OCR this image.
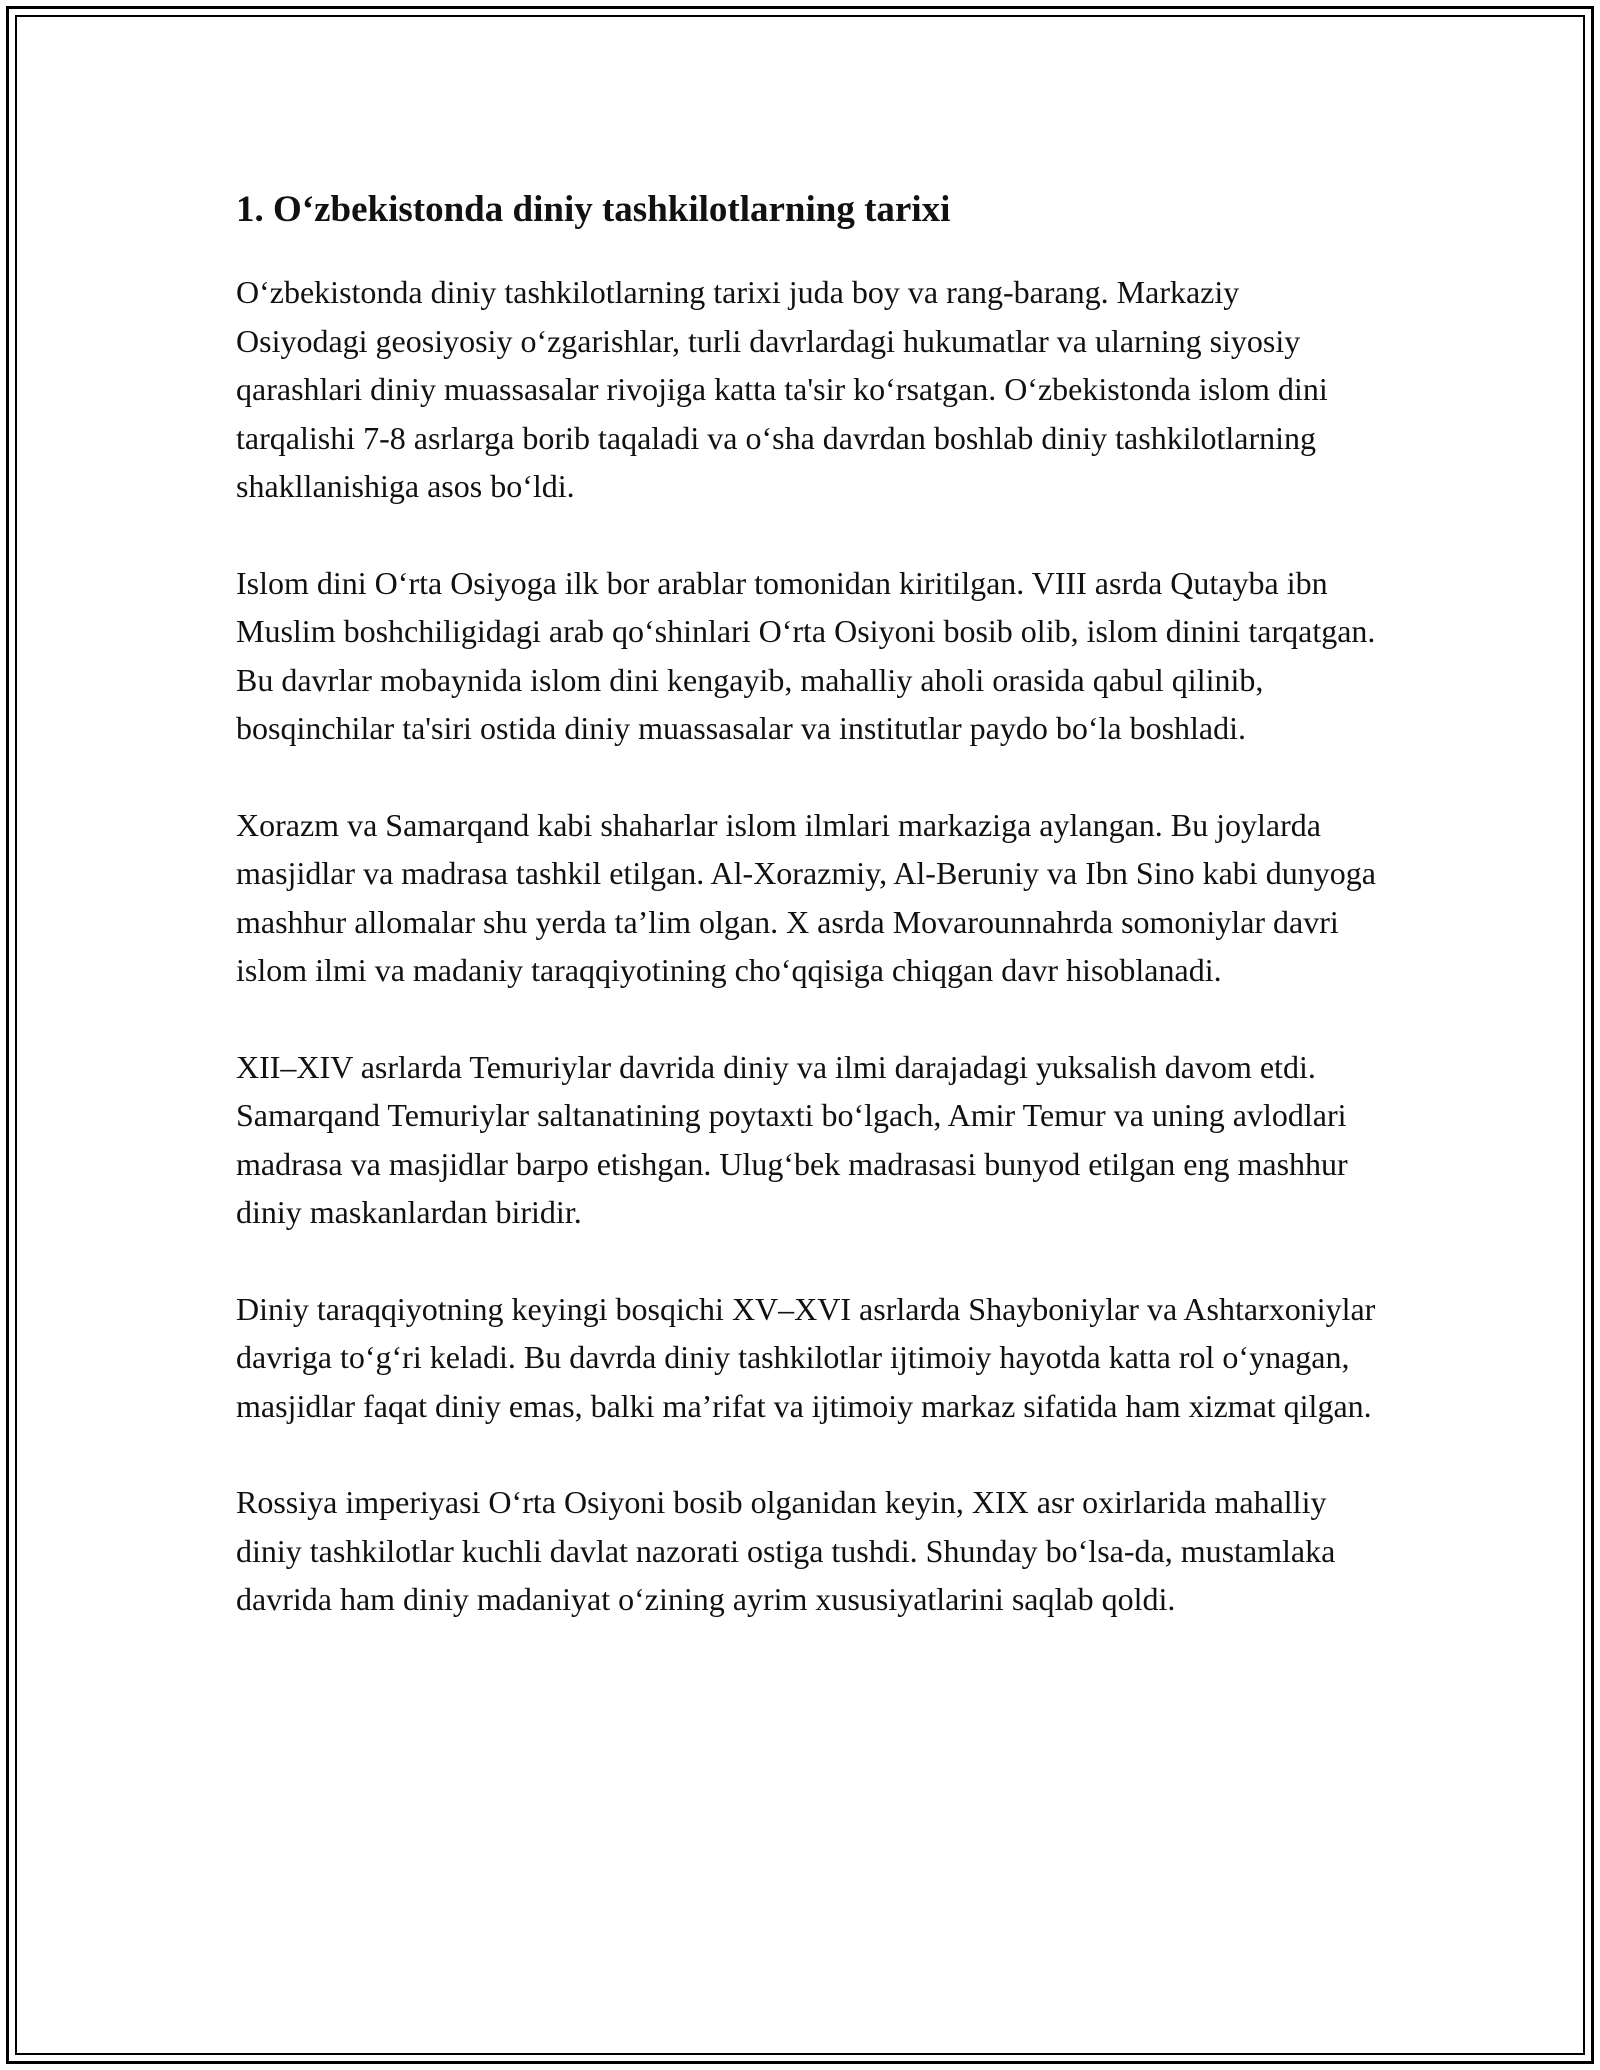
1. O‘zbekistonda diniy tashkilotlarning tarixi

O‘zbekistonda diniy tashkilotlarning tarixi juda boy va rang-barang. Markaziy Osiyodagi geosiyosiy o‘zgarishlar, turli davrlardagi hukumatlar va ularning siyosiy qarashlari diniy muassasalar rivojiga katta ta'sir ko‘rsatgan. O‘zbekistonda islom dini tarqalishi 7-8 asrlarga borib taqaladi va o‘sha davrdan boshlab diniy tashkilotlarning shakllanishiga asos bo‘ldi.

Islom dini O‘rta Osiyoga ilk bor arablar tomonidan kiritilgan. VIII asrda Qutayba ibn Muslim boshchiligidagi arab qo‘shinlari O‘rta Osiyoni bosib olib, islom dinini tarqatgan. Bu davrlar mobaynida islom dini kengayib, mahalliy aholi orasida qabul qilinib, bosqinchilar ta'siri ostida diniy muassasalar va institutlar paydo bo‘la boshladi.

Xorazm va Samarqand kabi shaharlar islom ilmlari markaziga aylangan. Bu joylarda masjidlar va madrasa tashkil etilgan. Al-Xorazmiy, Al-Beruniy va Ibn Sino kabi dunyoga mashhur allomalar shu yerda ta’lim olgan. X asrda Movarounnahrda somoniylar davri islom ilmi va madaniy taraqqiyotining cho‘qqisiga chiqgan davr hisoblanadi.

XII–XIV asrlarda Temuriylar davrida diniy va ilmi darajadagi yuksalish davom etdi. Samarqand Temuriylar saltanatining poytaxti bo‘lgach, Amir Temur va uning avlodlari madrasa va masjidlar barpo etishgan. Ulug‘bek madrasasi bunyod etilgan eng mashhur diniy maskanlardan biridir.

Diniy taraqqiyotning keyingi bosqichi XV–XVI asrlarda Shayboniylar va Ashtarxoniylar davriga to‘g‘ri keladi. Bu davrda diniy tashkilotlar ijtimoiy hayotda katta rol o‘ynagan, masjidlar faqat diniy emas, balki ma’rifat va ijtimoiy markaz sifatida ham xizmat qilgan.

Rossiya imperiyasi O‘rta Osiyoni bosib olganidan keyin, XIX asr oxirlarida mahalliy diniy tashkilotlar kuchli davlat nazorati ostiga tushdi. Shunday bo‘lsa-da, mustamlaka davrida ham diniy madaniyat o‘zining ayrim xususiyatlarini saqlab qoldi.
